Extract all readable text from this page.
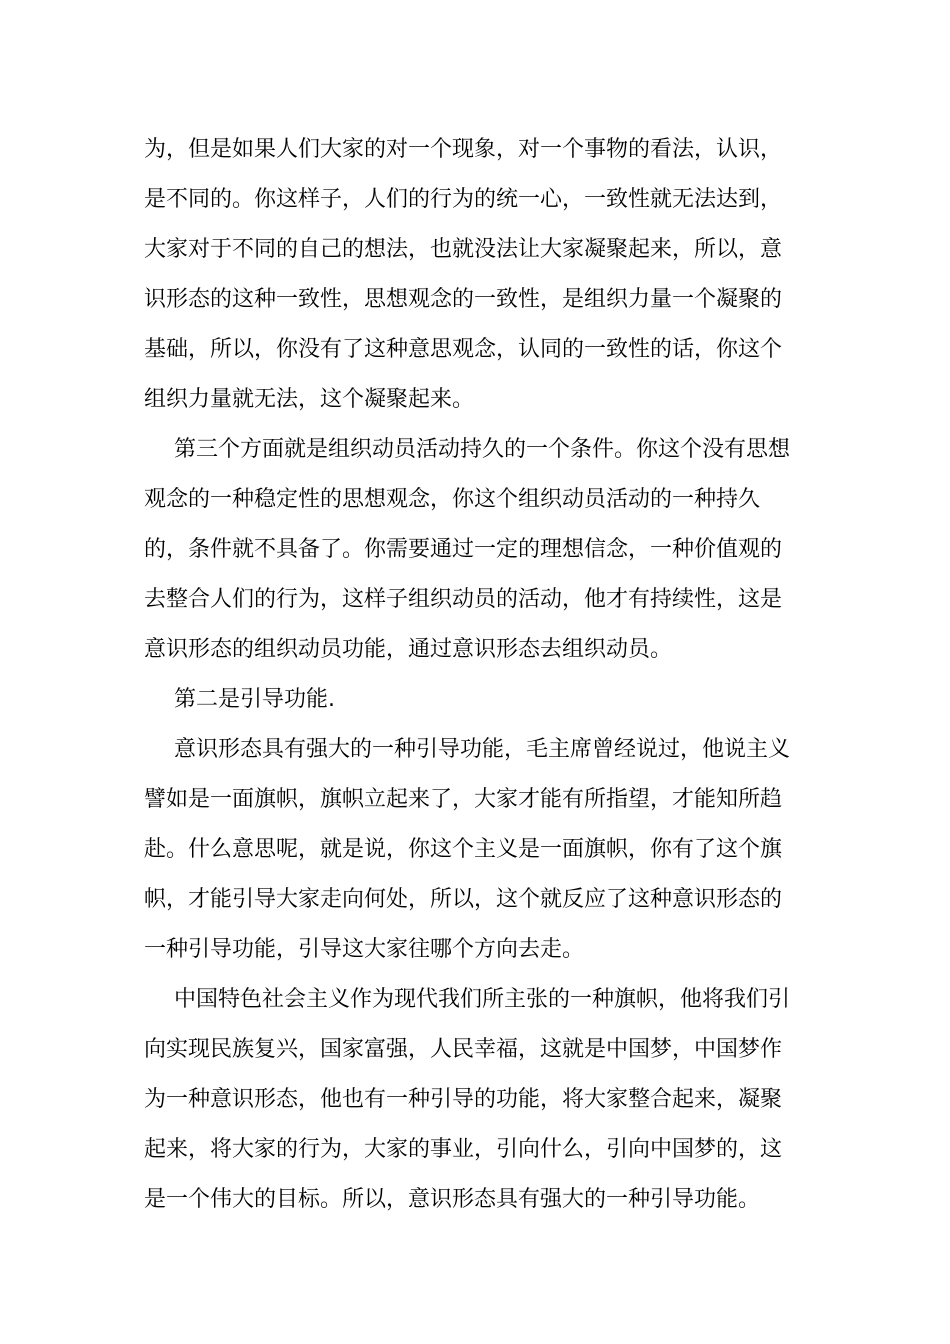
为，但是如果人们大家的对一个现象，对一个事物的看法，认识，
是不同的。你这样子，人们的行为的统一心，一致性就无法达到，
大家对于不同的自己的想法，也就没法让大家凝聚起来，所以，意
识形态的这种一致性，思想观念的一致性，是组织力量一个凝聚的
基础，所以，你没有了这种意思观念，认同的一致性的话，你这个
组织力量就无法，这个凝聚起来。

第三个方面就是组织动员活动持久的一个条件。你这个没有思想
观念的一种稳定性的思想观念，你这个组织动员活动的一种持久
的，条件就不具备了。你需要通过一定的理想信念，一种价值观的
去整合人们的行为，这样子组织动员的活动，他才有持续性，这是
意识形态的组织动员功能，通过意识形态去组织动员。

第二是引导功能.

意识形态具有强大的一种引导功能，毛主席曾经说过，他说主义
譬如是一面旗帜，旗帜立起来了，大家才能有所指望，才能知所趋
赴。什么意思呢，就是说，你这个主义是一面旗帜，你有了这个旗
帜，才能引导大家走向何处，所以，这个就反应了这种意识形态的
一种引导功能，引导这大家往哪个方向去走。

中国特色社会主义作为现代我们所主张的一种旗帜，他将我们引
向实现民族复兴，国家富强，人民幸福，这就是中国梦，中国梦作
为一种意识形态，他也有一种引导的功能，将大家整合起来，凝聚
起来，将大家的行为，大家的事业，引向什么，引向中国梦的，这
是一个伟大的目标。所以，意识形态具有强大的一种引导功能。
